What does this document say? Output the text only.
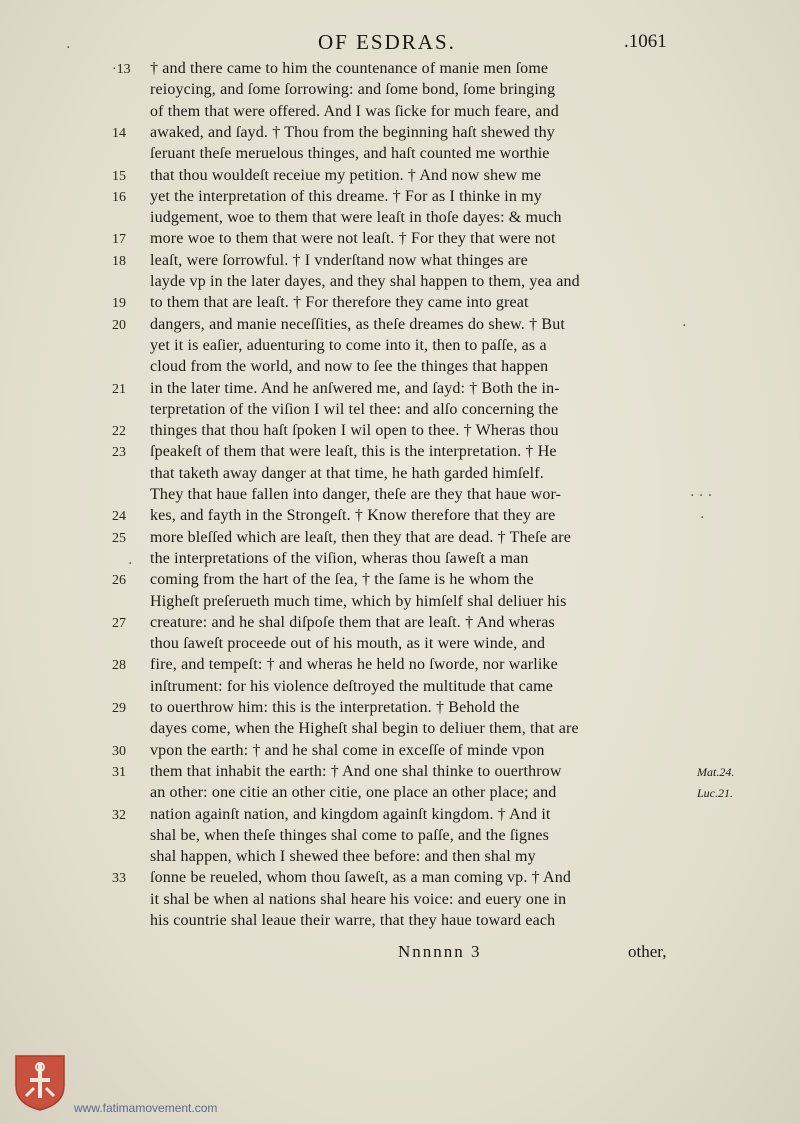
OF ESDRAS.	.1061
·
·
· · ·
·
·
·13	† and there came to him the countenance of manie men ſome
reioycing, and ſome ſorrowing: and ſome bond, ſome bringing
of them that were offered. And I was ſicke for much feare, and
14	awaked, and ſayd. † Thou from the beginning haſt shewed thy
ſeruant theſe meruelous thinges, and haſt counted me worthie
15	that thou wouldeſt receiue my petition. † And now shew me
16	yet the interpretation of this dreame. † For as I thinke in my
iudgement, woe to them that were leaſt in thoſe dayes: & much
17	more woe to them that were not leaſt. † For they that were not
18	leaſt, were ſorrowful. † I vnderſtand now what thinges are
layde vp in the later dayes, and they shal happen to them, yea and
19	to them that are leaſt. † For therefore they came into great
20	dangers, and manie neceſſities, as theſe dreames do shew. † But
yet it is eaſier, aduenturing to come into it, then to paſſe, as a
cloud from the world, and now to ſee the thinges that happen
21	in the later time. And he anſwered me, and ſayd: † Both the in-
terpretation of the viſion I wil tel thee: and alſo concerning the
22	thinges that thou haſt ſpoken I wil open to thee. † Wheras thou
23	ſpeakeſt of them that were leaſt, this is the interpretation. † He
that taketh away danger at that time, he hath garded himſelf.
They that haue fallen into danger, theſe are they that haue wor-
24	kes, and fayth in the Strongeſt. † Know therefore that they are
25	more bleſſed which are leaſt, then they that are dead. † Theſe are
the interpretations of the viſion, wheras thou ſaweſt a man
26	coming from the hart of the ſea, † the ſame is he whom the
Higheſt preſerueth much time, which by himſelf shal deliuer his
27	creature: and he shal diſpoſe them that are leaſt. † And wheras
thou ſaweſt proceede out of his mouth, as it were winde, and
28	fire, and tempeſt: † and wheras he held no ſworde, nor warlike
inſtrument: for his violence deſtroyed the multitude that came
29	to ouerthrow him: this is the interpretation. † Behold the
dayes come, when the Higheſt shal begin to deliuer them, that are
30	vpon the earth: † and he shal come in exceſſe of minde vpon
31	them that inhabit the earth: † And one shal thinke to ouerthrow	Mat.24.
an other: one citie an other citie, one place an other place; and	Luc.21.
32	nation againſt nation, and kingdom againſt kingdom. † And it
shal be, when theſe thinges shal come to paſſe, and the ſignes
shal happen, which I shewed thee before: and then shal my
33	ſonne be reueled, whom thou ſaweſt, as a man coming vp. † And
it shal be when al nations shal heare his voice: and euery one in
his countrie shal leaue their warre, that they haue toward each
Nnnnnn 3	other,
www.fatimamovement.com
